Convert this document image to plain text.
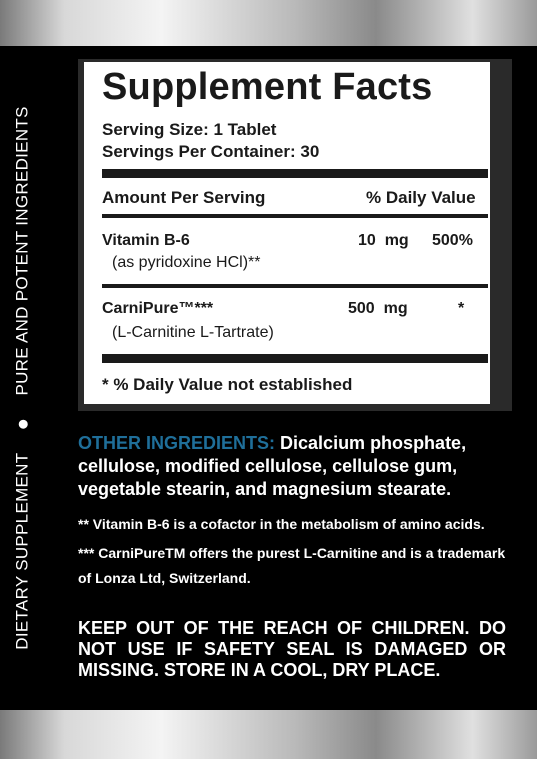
DIETARY SUPPLEMENT
PURE AND POTENT INGREDIENTS
Supplement Facts
Serving Size: 1 Tablet
Servings Per Container: 30
Amount Per Serving	% Daily Value
Vitamin B-6
(as pyridoxine HCl)**
10  mg 500%
CarniPure™***
(L-Carnitine L-Tartrate)
500  mg	*
* % Daily Value not established
OTHER INGREDIENTS: Dicalcium phosphate, cellulose, modified cellulose, cellulose gum, vegetable stearin, and magnesium stearate.
** Vitamin B-6 is a cofactor in the metabolism of amino acids.
*** CarniPureTM offers the purest L-Carnitine and is a trademark of Lonza Ltd, Switzerland.
KEEP OUT OF THE REACH OF CHILDREN. DO NOT USE IF SAFETY SEAL IS DAMAGED OR MISSING. STORE IN A COOL, DRY PLACE.
